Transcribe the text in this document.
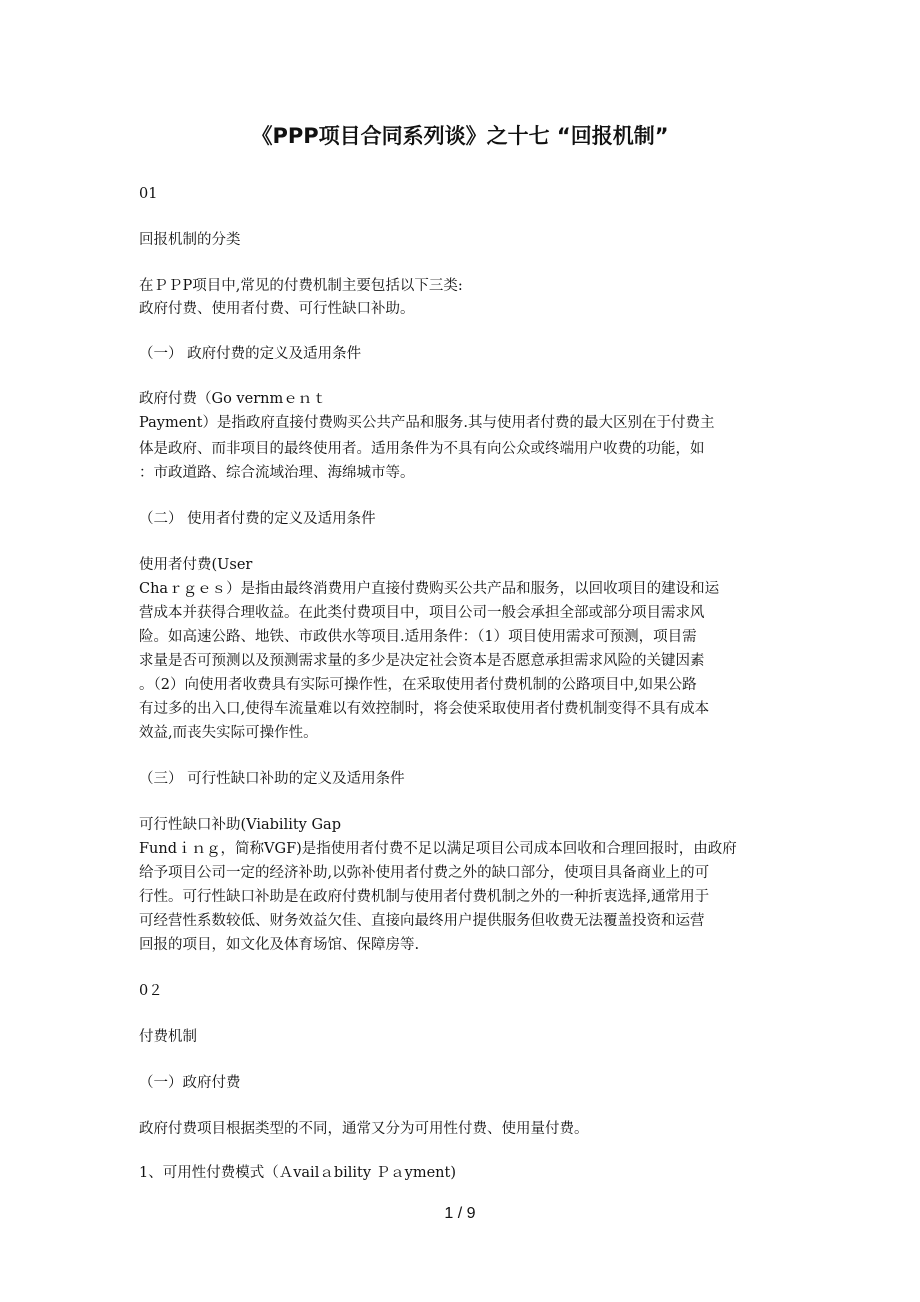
《PPP项目合同系列谈》之十七 “回报机制”
01
回报机制的分类
在ＰＰP项目中,常见的付费机制主要包括以下三类:
政府付费、使用者付费、可行性缺口补助。
（一） 政府付费的定义及适用条件
政府付费（Gо vernmｅｎｔ
Payment）是指政府直接付费购买公共产品和服务.其与使用者付费的最大区别在于付费主
体是政府、而非项目的最终使用者。适用条件为不具有向公众或终端用户收费的功能，如
：市政道路、综合流域治理、海绵城市等。
（二） 使用者付费的定义及适用条件
使用者付费(User
Chaｒｇｅｓ）是指由最终消费用户直接付费购买公共产品和服务，以回收项目的建设和运
营成本并获得合理收益。在此类付费项目中，项目公司一般会承担全部或部分项目需求风
险。如高速公路、地铁、市政供水等项目.适用条件：（1）项目使用需求可预测，项目需
求量是否可预测以及预测需求量的多少是决定社会资本是否愿意承担需求风险的关键因素
。（2）向使用者收费具有实际可操作性，在采取使用者付费机制的公路项目中,如果公路
有过多的出入口,使得车流量难以有效控制时，将会使采取使用者付费机制变得不具有成本
效益,而丧失实际可操作性。
（三） 可行性缺口补助的定义及适用条件
可行性缺口补助(Viability Gap
Fundｉｎｇ，简称VGF)是指使用者付费不足以满足项目公司成本回收和合理回报时，由政府
给予项目公司一定的经济补助,以弥补使用者付费之外的缺口部分，使项目具备商业上的可
行性。可行性缺口补助是在政府付费机制与使用者付费机制之外的一种折衷选择,通常用于
可经营性系数较低、财务效益欠佳、直接向最终用户提供服务但收费无法覆盖投资和运营
回报的项目，如文化及体育场馆、保障房等.
0２
付费机制
（一）政府付费
政府付费项目根据类型的不同，通常又分为可用性付费、使用量付费。
1、可用性付费模式（Ａvailａbility Ｐａyment)
1 / 9
